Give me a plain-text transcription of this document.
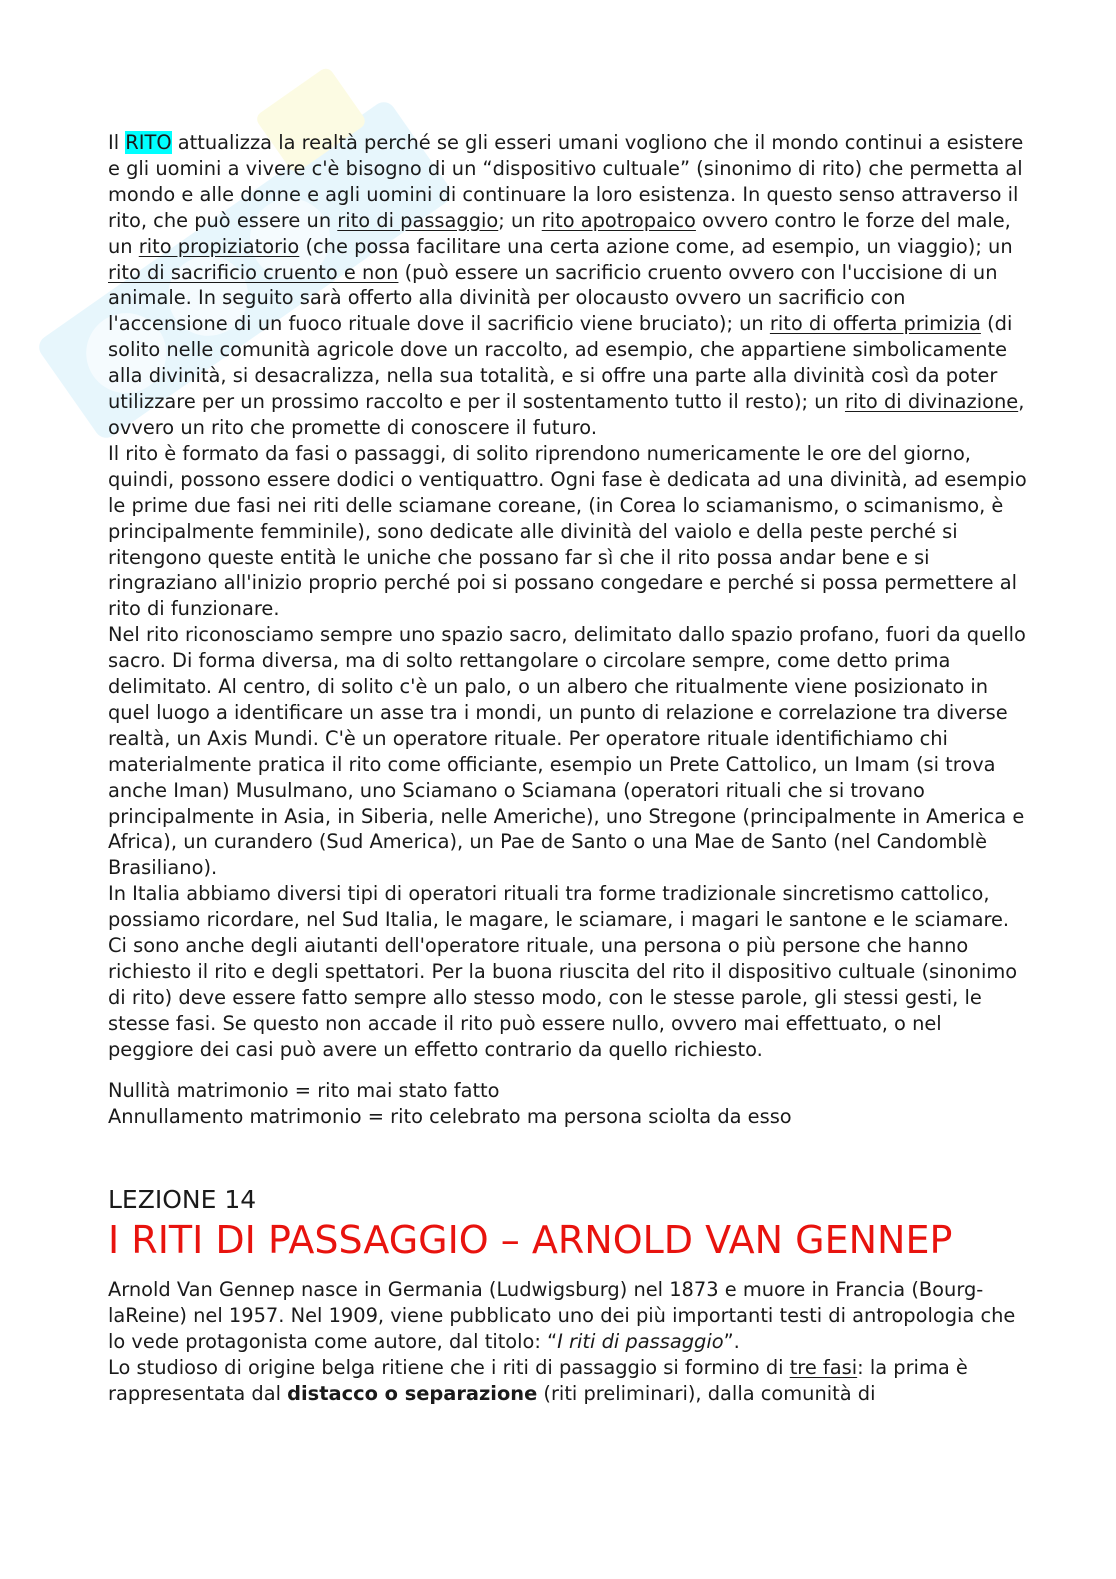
Il RITO attualizza la realtà perché se gli esseri umani vogliono che il mondo continui a esistere e gli uomini a vivere c'è bisogno di un “dispositivo cultuale” (sinonimo di rito) che permetta al mondo e alle donne e agli uomini di continuare la loro esistenza. In questo senso attraverso il rito, che può essere un rito di passaggio; un rito apotropaico ovvero contro le forze del male, un rito propiziatorio (che possa facilitare una certa azione come, ad esempio, un viaggio); un rito di sacrificio cruento e non (può essere un sacrificio cruento ovvero con l'uccisione di un animale. In seguito sarà offerto alla divinità per olocausto ovvero un sacrificio con l'accensione di un fuoco rituale dove il sacrificio viene bruciato); un rito di offerta primizia (di solito nelle comunità agricole dove un raccolto, ad esempio, che appartiene simbolicamente alla divinità, si desacralizza, nella sua totalità, e si offre una parte alla divinità così da poter utilizzare per un prossimo raccolto e per il sostentamento tutto il resto); un rito di divinazione, ovvero un rito che promette di conoscere il futuro.

Il rito è formato da fasi o passaggi, di solito riprendono numericamente le ore del giorno, quindi, possono essere dodici o ventiquattro. Ogni fase è dedicata ad una divinità, ad esempio le prime due fasi nei riti delle sciamane coreane, (in Corea lo sciamanismo, o scimanismo, è principalmente femminile), sono dedicate alle divinità del vaiolo e della peste perché si ritengono queste entità le uniche che possano far sì che il rito possa andar bene e si ringraziano all'inizio proprio perché poi si possano congedare e perché si possa permettere al rito di funzionare.

Nel rito riconosciamo sempre uno spazio sacro, delimitato dallo spazio profano, fuori da quello sacro. Di forma diversa, ma di solto rettangolare o circolare sempre, come detto prima delimitato. Al centro, di solito c'è un palo, o un albero che ritualmente viene posizionato in quel luogo a identificare un asse tra i mondi, un punto di relazione e correlazione tra diverse realtà, un Axis Mundi. C'è un operatore rituale. Per operatore rituale identifichiamo chi materialmente pratica il rito come officiante, esempio un Prete Cattolico, un Imam (si trova anche Iman) Musulmano, uno Sciamano o Sciamana (operatori rituali che si trovano principalmente in Asia, in Siberia, nelle Americhe), uno Stregone (principalmente in America e Africa), un curandero (Sud America), un Pae de Santo o una Mae de Santo (nel Candomblè Brasiliano).

In Italia abbiamo diversi tipi di operatori rituali tra forme tradizionale sincretismo cattolico, possiamo ricordare, nel Sud Italia, le magare, le sciamare, i magari le santone e le sciamare. Ci sono anche degli aiutanti dell'operatore rituale, una persona o più persone che hanno richiesto il rito e degli spettatori. Per la buona riuscita del rito il dispositivo cultuale (sinonimo di rito) deve essere fatto sempre allo stesso modo, con le stesse parole, gli stessi gesti, le stesse fasi. Se questo non accade il rito può essere nullo, ovvero mai effettuato, o nel peggiore dei casi può avere un effetto contrario da quello richiesto.

Nullità matrimonio = rito mai stato fatto

Annullamento matrimonio = rito celebrato ma persona sciolta da esso

LEZIONE 14

I RITI DI PASSAGGIO – ARNOLD VAN GENNEP

Arnold Van Gennep nasce in Germania (Ludwigsburg) nel 1873 e muore in Francia (Bourg-laReine) nel 1957. Nel 1909, viene pubblicato uno dei più importanti testi di antropologia che lo vede protagonista come autore, dal titolo: “I riti di passaggio”.

Lo studioso di origine belga ritiene che i riti di passaggio si formino di tre fasi: la prima è rappresentata dal distacco o separazione (riti preliminari), dalla comunità di
